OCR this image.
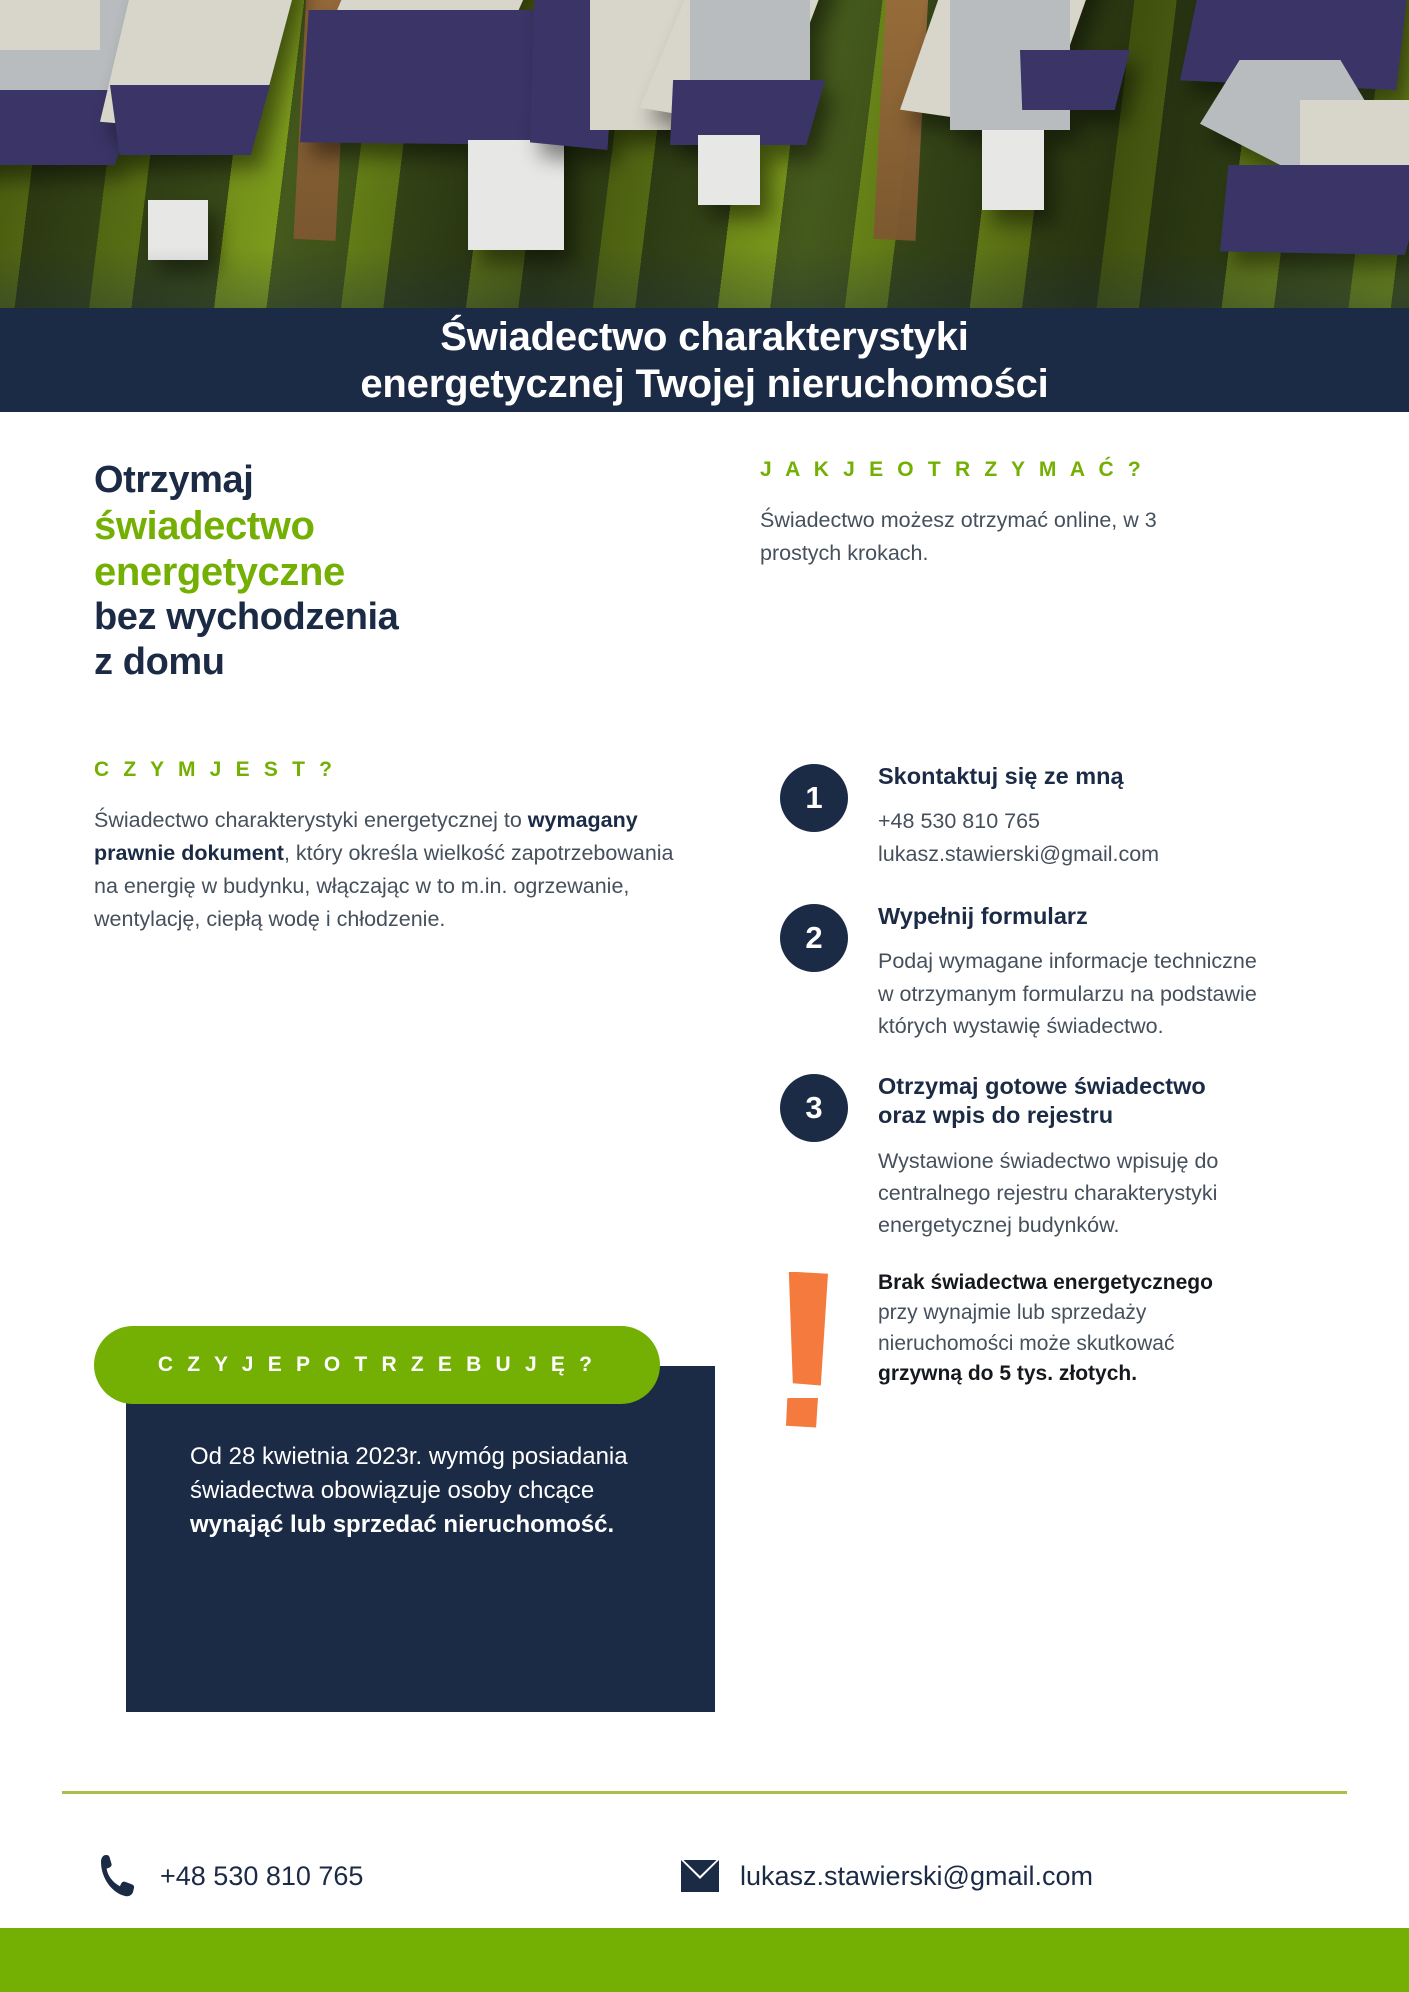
Świadectwo charakterystyki
energetycznej Twojej nieruchomości
Otrzymaj
świadectwo
energetyczne
bez wychodzenia
z domu

C Z Y M J E S T ?

Świadectwo charakterystyki energetycznej to wymagany prawnie dokument, który określa wielkość zapotrzebowania na energię w budynku, włączając w to m.in. ogrzewanie, wentylację, ciepłą wodę i chłodzenie.

Od 28 kwietnia 2023r. wymóg posiadania świadectwa obowiązuje osoby chcące wynająć lub sprzedać nieruchomość.

C Z Y J E P O T R Z E B U J Ę ?

J A K J E O T R Z Y M A Ć ?

Świadectwo możesz otrzymać online, w 3 prostych krokach.

1

Skontaktuj się ze mną

+48 530 810 765
lukasz.stawierski@gmail.com

2

Wypełnij formularz

Podaj wymagane informacje techniczne w otrzymanym formularzu na podstawie których wystawię świadectwo.

3

Otrzymaj gotowe świadectwo
oraz wpis do rejestru

Wystawione świadectwo wpisuję do centralnego rejestru charakterystyki energetycznej budynków.

Brak świadectwa energetycznego przy wynajmie lub sprzedaży nieruchomości może skutkować grzywną do 5 tys. złotych.

+48 530 810 765	lukasz.stawierski@gmail.com
